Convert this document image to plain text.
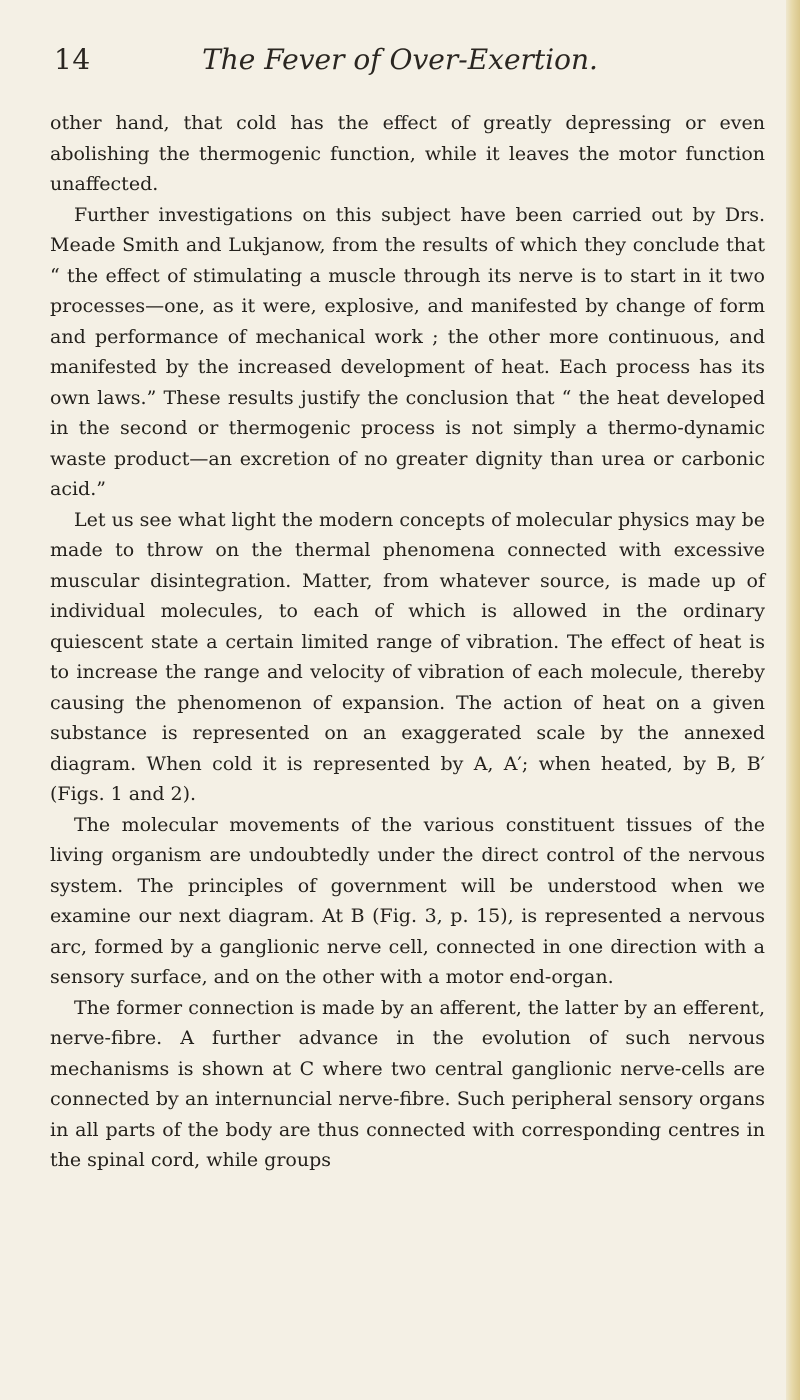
14	The Fever of Over-Exertion.

other hand, that cold has the effect of greatly depressing or even abolishing the thermogenic function, while it leaves the motor function unaffected.

Further investigations on this subject have been carried out by Drs. Meade Smith and Lukjanow, from the results of which they conclude that “ the effect of stimulating a muscle through its nerve is to start in it two processes—one, as it were, explosive, and manifested by change of form and performance of mechanical work ; the other more continuous, and manifested by the increased development of heat. Each process has its own laws.” These results justify the conclusion that “ the heat developed in the second or thermogenic process is not simply a thermo-dynamic waste product—an excretion of no greater dignity than urea or carbonic acid.”

Let us see what light the modern concepts of molecular physics may be made to throw on the thermal phenomena connected with excessive muscular disintegration. Matter, from whatever source, is made up of individual molecules, to each of which is allowed in the ordinary quiescent state a certain limited range of vibration. The effect of heat is to increase the range and velocity of vibration of each molecule, thereby causing the phenomenon of expansion. The action of heat on a given substance is represented on an exaggerated scale by the annexed diagram. When cold it is represented by A, A′; when heated, by B, B′ (Figs. 1 and 2).

The molecular movements of the various constituent tissues of the living organism are undoubtedly under the direct control of the nervous system. The principles of government will be understood when we examine our next diagram. At B (Fig. 3, p. 15), is represented a nervous arc, formed by a ganglionic nerve cell, connected in one direction with a sensory surface, and on the other with a motor end-organ.

The former connection is made by an afferent, the latter by an efferent, nerve-fibre. A further advance in the evolution of such nervous mechanisms is shown at C where two central ganglionic nerve-cells are connected by an internuncial nerve-fibre. Such peripheral sensory organs in all parts of the body are thus connected with corresponding centres in the spinal cord, while groups
